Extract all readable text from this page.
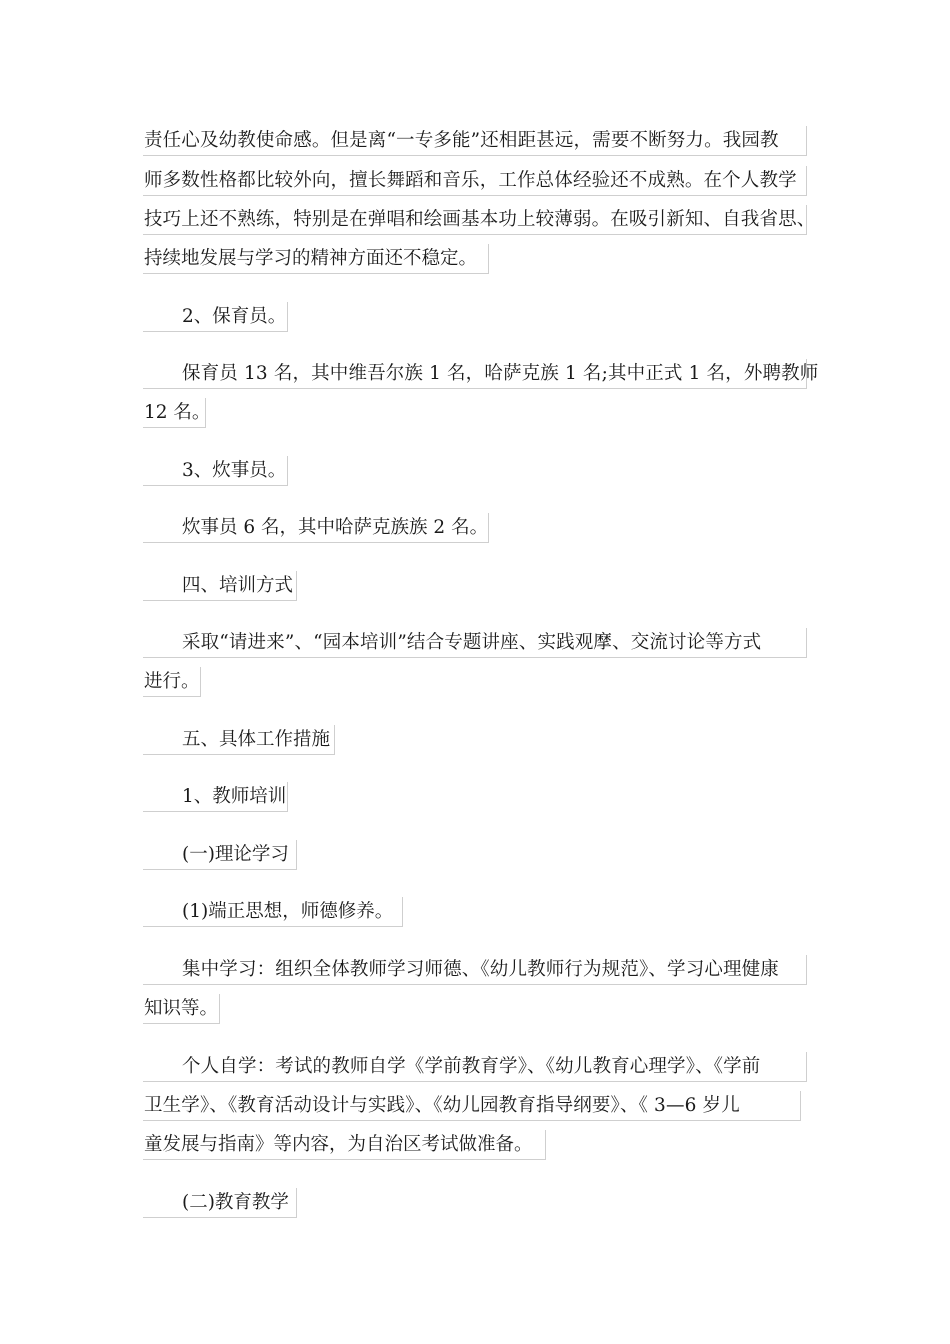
责任心及幼教使命感。但是离“一专多能”还相距甚远，需要不断努力。我园教
师多数性格都比较外向，擅长舞蹈和音乐，工作总体经验还不成熟。在个人教学
技巧上还不熟练，特别是在弹唱和绘画基本功上较薄弱。在吸引新知、自我省思、
持续地发展与学习的精神方面还不稳定。
2、保育员。
保育员 13 名，其中维吾尔族 1 名，哈萨克族 1 名;其中正式 1 名，外聘教师
12 名。
3、炊事员。
炊事员 6 名，其中哈萨克族族 2 名。
四、培训方式
采取“请进来”、“园本培训”结合专题讲座、实践观摩、交流讨论等方式
进行。
五、具体工作措施
1、教师培训
(一)理论学习
(1)端正思想，师德修养。
集中学习：组织全体教师学习师德、《幼儿教师行为规范》、学习心理健康
知识等。
个人自学：考试的教师自学《学前教育学》、《幼儿教育心理学》、《学前
卫生学》、《教育活动设计与实践》、《幼儿园教育指导纲要》、《 3—6 岁儿
童发展与指南》等内容，为自治区考试做准备。
(二)教育教学
